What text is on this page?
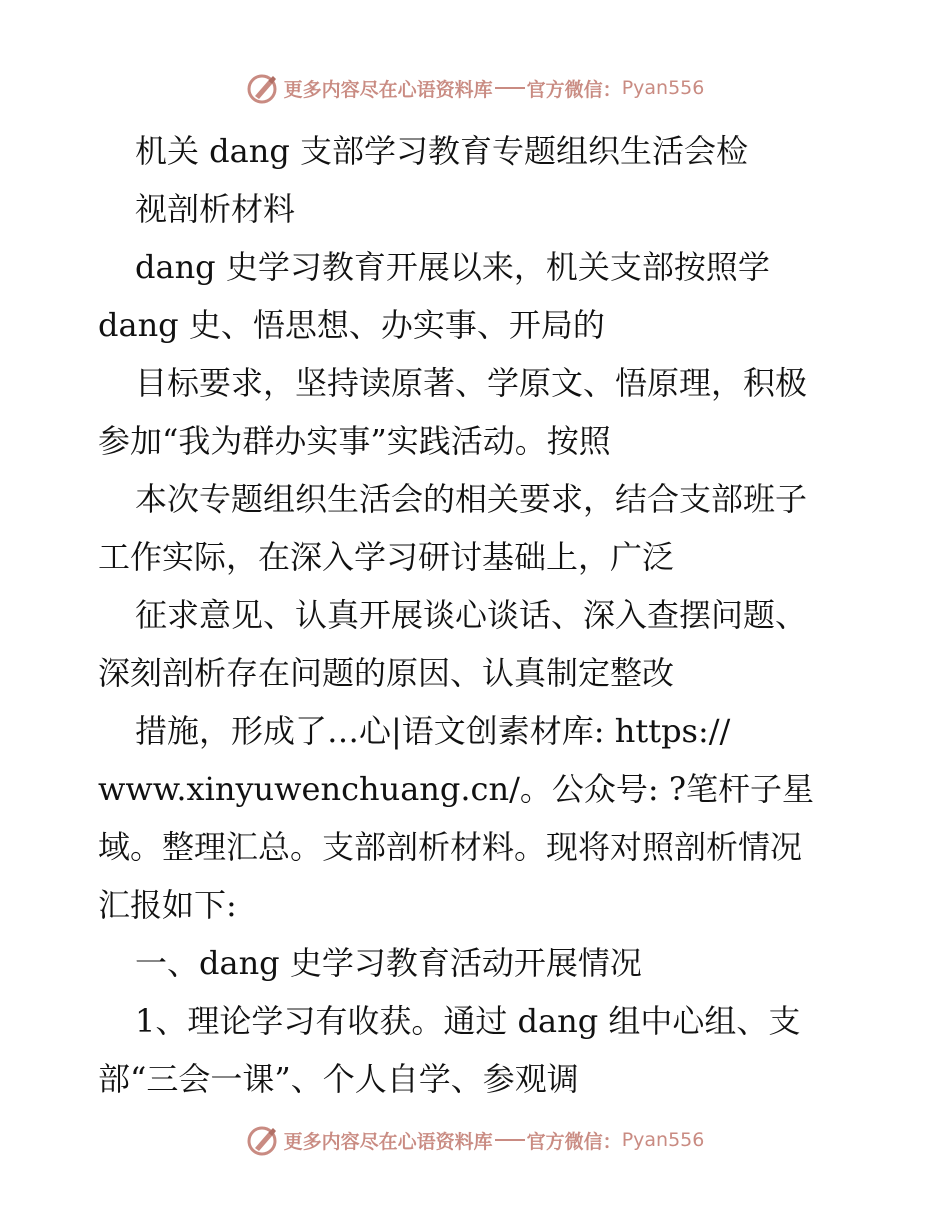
更多内容尽在心语资料库 官方微信： Pyan556
机关 dang 支部学习教育专题组织生活会检
视剖析材料
dang 史学习教育开展以来，机关支部按照学
dang 史、悟思想、办实事、开局的
目标要求，坚持读原著、学原文、悟原理，积极
参加“我为群办实事”实践活动。按照
本次专题组织生活会的相关要求，结合支部班子
工作实际，在深入学习研讨基础上，广泛
征求意见、认真开展谈心谈话、深入查摆问题、
深刻剖析存在问题的原因、认真制定整改
措施，形成了…心|语文创素材库: https://
www.xinyuwenchuang.cn/。公众号: ?笔杆子星
域。整理汇总。支部剖析材料。现将对照剖析情况
汇报如下:
一、dang 史学习教育活动开展情况
1、理论学习有收获。通过 dang 组中心组、支
部“三会一课”、个人自学、参观调
更多内容尽在心语资料库 官方微信： Pyan556
